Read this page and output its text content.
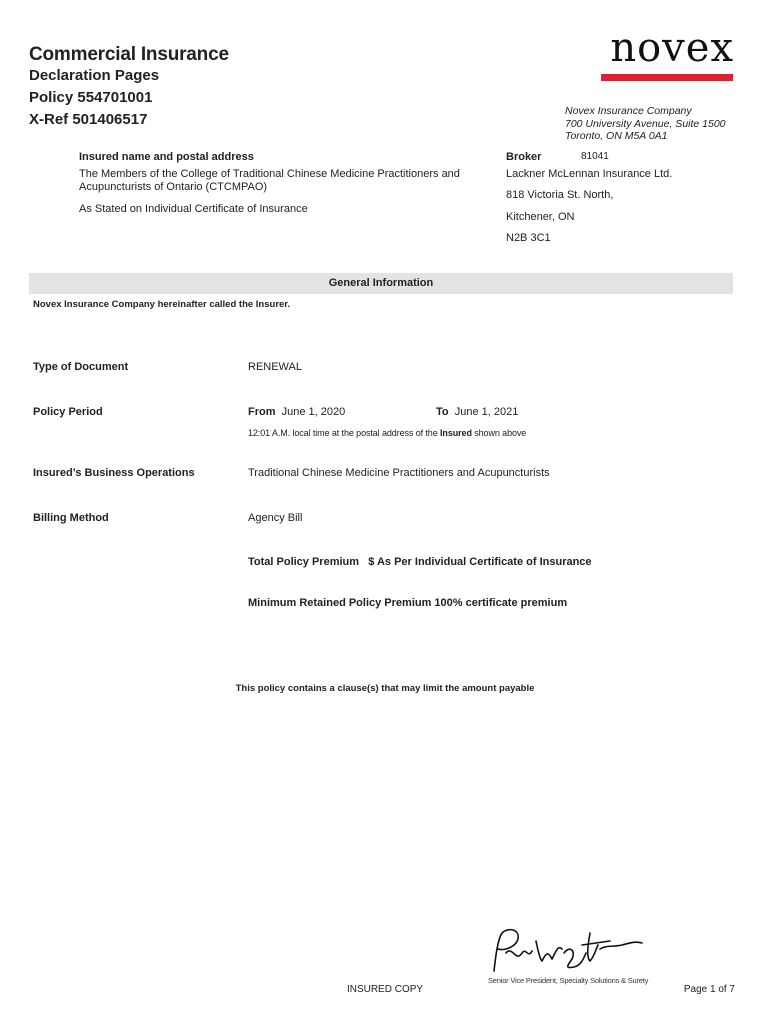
Commercial Insurance
Declaration Pages
Policy 554701001
X-Ref 501406517
novex
Novex Insurance Company
700 University Avenue, Suite 1500
Toronto, ON M5A 0A1
Insured name and postal address
The Members of the College of Traditional Chinese Medicine Practitioners and
Acupuncturists of Ontario (CTCMPAO)
As Stated on Individual Certificate of Insurance
Broker	81041
Lackner McLennan Insurance Ltd.
818 Victoria St. North,
Kitchener, ON
N2B 3C1
General Information
Novex Insurance Company hereinafter called the Insurer.
Type of Document	RENEWAL
Policy Period	From June 1, 2020	To June 1, 2021
12:01 A.M. local time at the postal address of the Insured shown above
Insured’s Business Operations	Traditional Chinese Medicine Practitioners and Acupuncturists
Billing Method	Agency Bill
Total Policy Premium   $ As Per Individual Certificate of Insurance
Minimum Retained Policy Premium 100% certificate premium
This policy contains a clause(s) that may limit the amount payable
Senior Vice President, Specialty Solutions & Surety
INSURED COPY	Page 1 of 7
